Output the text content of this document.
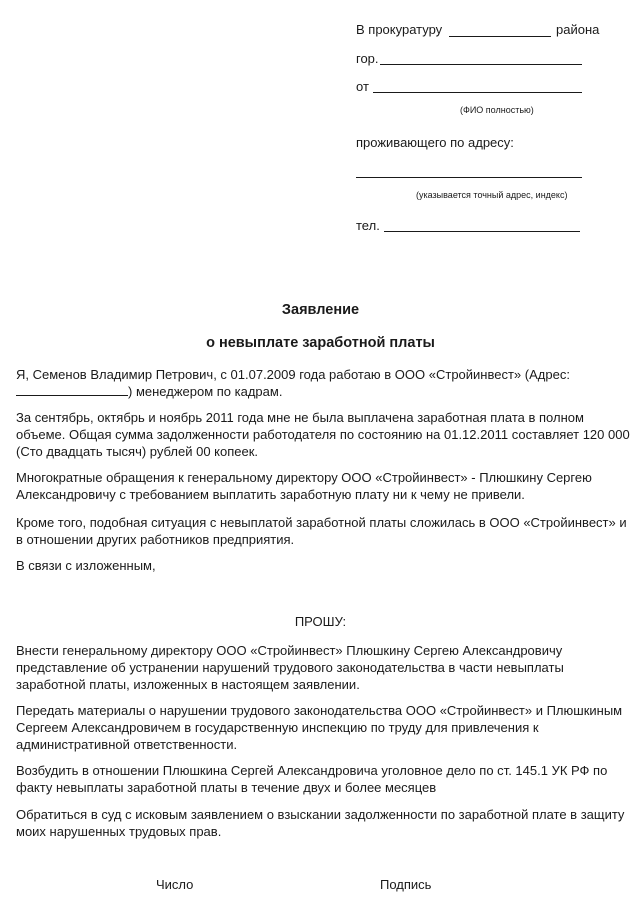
В прокуратуру	района
гор.
от
(ФИО полностью)
проживающего по адресу:
(указывается точный адрес, индекс)
тел.
Заявление
о невыплате заработной платы
Я, Семенов Владимир Петрович, с 01.07.2009 года работаю в ООО «Стройинвест» (Адрес:
) менеджером по кадрам.
За сентябрь, октябрь и ноябрь 2011 года мне не была выплачена заработная плата в полном объеме. Общая сумма задолженности работодателя по состоянию на 01.12.2011 составляет 120 000 (Сто двадцать тысяч) рублей 00 копеек.
Многократные обращения к генеральному директору ООО «Стройинвест» - Плюшкину Сергею Александровичу с требованием выплатить заработную плату ни к чему не привели.
Кроме того, подобная ситуация с невыплатой заработной платы сложилась в ООО «Стройинвест» и в отношении других работников предприятия.
В связи с изложенным,
ПРОШУ:
Внести генеральному директору ООО «Стройинвест» Плюшкину Сергею Александровичу представление об устранении нарушений трудового законодательства в части невыплаты заработной платы, изложенных в настоящем заявлении.
Передать материалы о нарушении трудового законодательства ООО «Стройинвест» и Плюшкиным Сергеем Александровичем в государственную инспекцию по труду для привлечения к административной ответственности.
Возбудить в отношении Плюшкина Сергей Александровича уголовное дело по ст. 145.1 УК РФ по факту невыплаты заработной платы в течение двух и более месяцев
Обратиться в суд с исковым заявлением о взыскании задолженности по заработной плате в защиту моих нарушенных трудовых прав.
Число	Подпись
